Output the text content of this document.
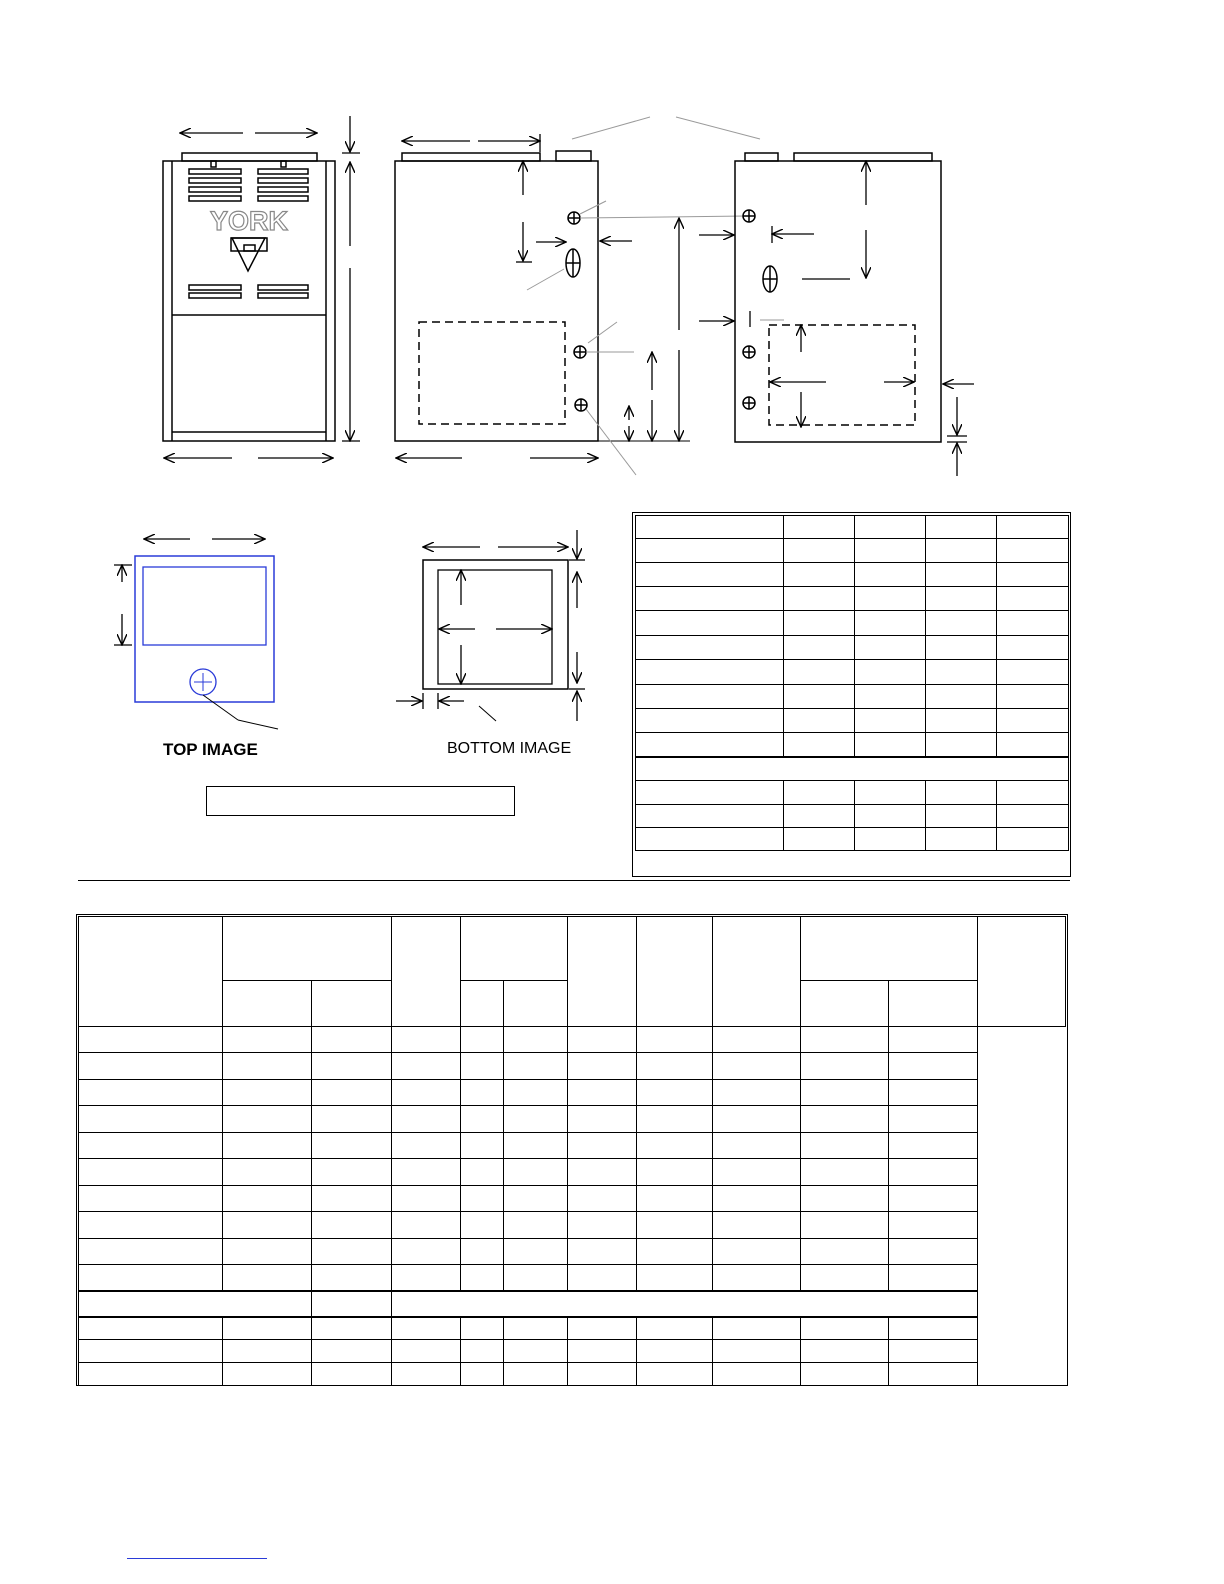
YORK
TOP IMAGE	BOTTOM IMAGE
